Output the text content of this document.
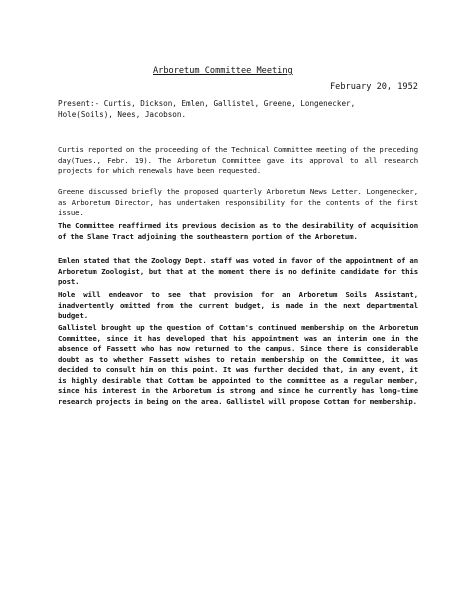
Arboretum Committee Meeting
February 20, 1952
Present:- Curtis, Dickson, Emlen, Gallistel, Greene, Longenecker,
Hole(Soils), Nees, Jacobson.
Curtis reported on the proceeding of the Technical Committee meeting of the preceding day(Tues., Febr. 19). The Arboretum Committee gave its approval to all research projects for which renewals have been requested.
Greene discussed briefly the proposed quarterly Arboretum News Letter. Longenecker, as Arboretum Director, has undertaken responsibility for the contents of the first issue.
The Committee reaffirmed its previous decision as to the desirability of acquisition of the Slane Tract adjoining the southeastern portion of the Arboretum.
Emlen stated that the Zoology Dept. staff was voted in favor of the appointment of an Arboretum Zoologist, but that at the moment there is no definite candidate for this post.
Hole will endeavor to see that provision for an Arboretum Soils Assistant, inadvertently omitted from the current budget, is made in the next departmental budget.
Gallistel brought up the question of Cottam's continued membership on the Arboretum Committee, since it has developed that his appointment was an interim one in the absence of Fassett who has now returned to the campus. Since there is considerable doubt as to whether Fassett wishes to retain membership on the Committee, it was decided to consult him on this point. It was further decided that, in any event, it is highly desirable that Cottam be appointed to the committee as a regular member, since his interest in the Arboretum is strong and since he currently has long-time research projects in being on the area. Gallistel will propose Cottam for membership.
